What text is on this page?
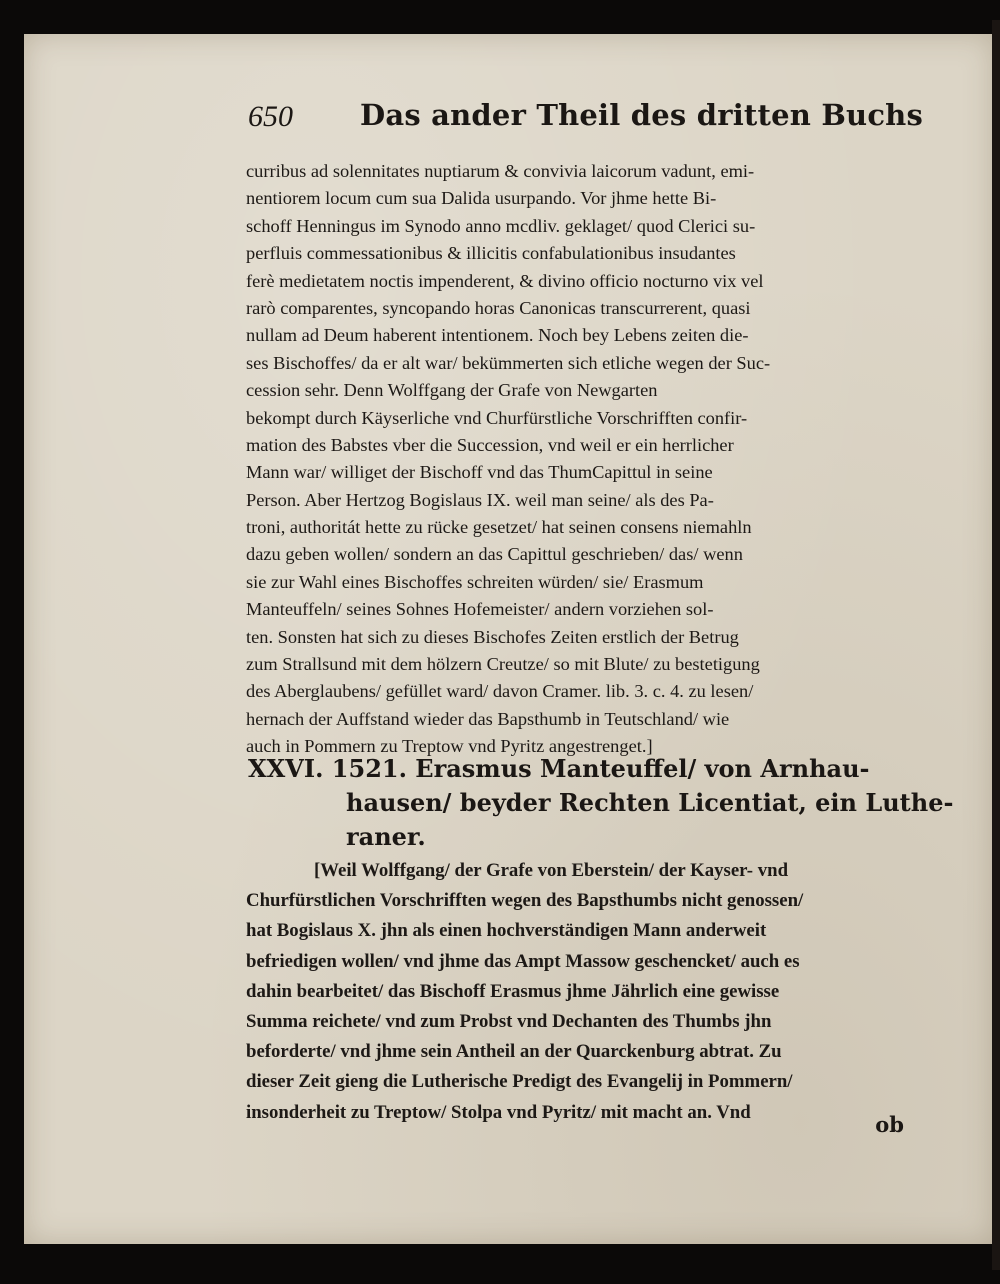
650 Das ander Theil des dritten Buchs
curribus ad solennitates nuptiarum & convivia laicorum vadunt, emi-
nentiorem locum cum sua Dalida usurpando. Vor jhme hette Bi-
schoff Henningus im Synodo anno mcdliv. geklaget/ quod Clerici su-
perfluis commessationibus & illicitis confabulationibus insudantes
ferè medietatem noctis impenderent, & divino officio nocturno vix vel
rarò comparentes, syncopando horas Canonicas transcurrerent, quasi
nullam ad Deum haberent intentionem. Noch bey Lebens zeiten die-
ses Bischoffes/ da er alt war/ bekümmerten sich etliche wegen der Suc-
cession sehr. Denn Wolffgang der Grafe von Newgarten
bekompt durch Käyserliche vnd Churfürstliche Vorschrifften confir-
mation des Babstes vber die Succession, vnd weil er ein herrlicher
Mann war/ williget der Bischoff vnd das ThumCapittul in seine
Person. Aber Hertzog Bogislaus IX. weil man seine/ als des Pa-
troni, authoritát hette zu rücke gesetzet/ hat seinen consens niemahln
dazu geben wollen/ sondern an das Capittul geschrieben/ das/ wenn
sie zur Wahl eines Bischoffes schreiten würden/ sie/ Erasmum
Manteuffeln/ seines Sohnes Hofemeister/ andern vorziehen sol-
ten. Sonsten hat sich zu dieses Bischofes Zeiten erstlich der Betrug
zum Strallsund mit dem hölzern Creutze/ so mit Blute/ zu bestetigung
des Aberglaubens/ gefüllet ward/ davon Cramer. lib. 3. c. 4. zu lesen/
hernach der Auffstand wieder das Bapsthumb in Teutschland/ wie
auch in Pommern zu Treptow vnd Pyritz angestrenget.]
XXVI. 1521. Erasmus Manteuffel/ von Arnhau-
hausen/ beyder Rechten Licentiat, ein Luthe-
raner.
[Weil Wolffgang/ der Grafe von Eberstein/ der Kayser- vnd
Churfürstlichen Vorschrifften wegen des Bapsthumbs nicht genossen/
hat Bogislaus X. jhn als einen hochverständigen Mann anderweit
befriedigen wollen/ vnd jhme das Ampt Massow geschencket/ auch es
dahin bearbeitet/ das Bischoff Erasmus jhme Jährlich eine gewisse
Summa reichete/ vnd zum Probst vnd Dechanten des Thumbs jhn
beforderte/ vnd jhme sein Antheil an der Quarckenburg abtrat. Zu
dieser Zeit gieng die Lutherische Predigt des Evangelij in Pommern/
insonderheit zu Treptow/ Stolpa vnd Pyritz/ mit macht an. Vnd	ob
